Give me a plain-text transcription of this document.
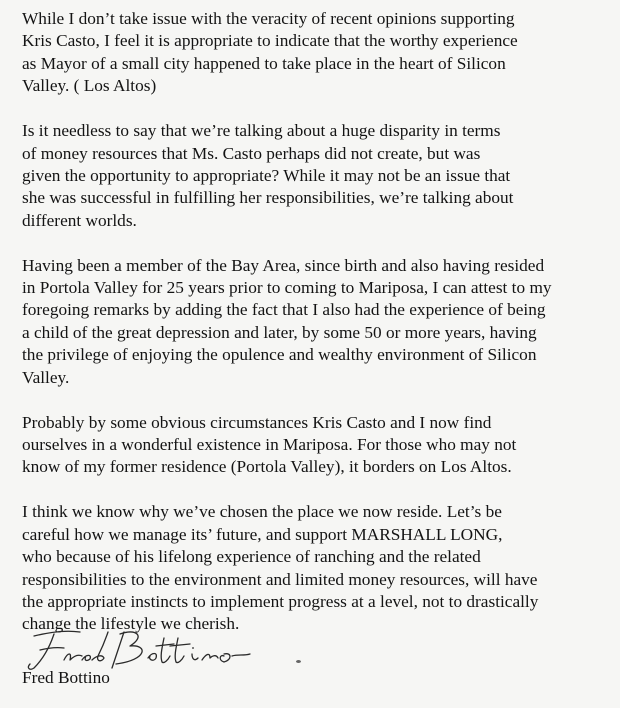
While I don’t take issue with the veracity of recent opinions supporting
Kris Casto, I feel it is appropriate to indicate that the worthy experience
as Mayor of a small city happened to take place in the heart of Silicon
Valley. ( Los Altos)

Is it needless to say that we’re talking about a huge disparity in terms
of money resources that Ms. Casto perhaps did not create, but was
given the opportunity to appropriate? While it may not be an issue that
she was successful in fulfilling her responsibilities, we’re talking about
different worlds.

Having been a member of the Bay Area, since birth and also having resided
in Portola Valley for 25 years prior to coming to Mariposa, I can attest to my
foregoing remarks by adding the fact that I also had the experience of being
a child of the great depression and later, by some 50 or more years, having
the privilege of enjoying the opulence and wealthy environment of Silicon
Valley.

Probably by some obvious circumstances Kris Casto and I now find
ourselves in a wonderful existence in Mariposa. For those who may not
know of my former residence (Portola Valley), it borders on Los Altos.

I think we know why we’ve chosen the place we now reside. Let’s be
careful how we manage its’ future, and support MARSHALL LONG,
who because of his lifelong experience of ranching and the related
responsibilities to the environment and limited money resources, will have
the appropriate instincts to implement progress at a level, not to drastically
change the lifestyle we cherish.

Fred Bottino
